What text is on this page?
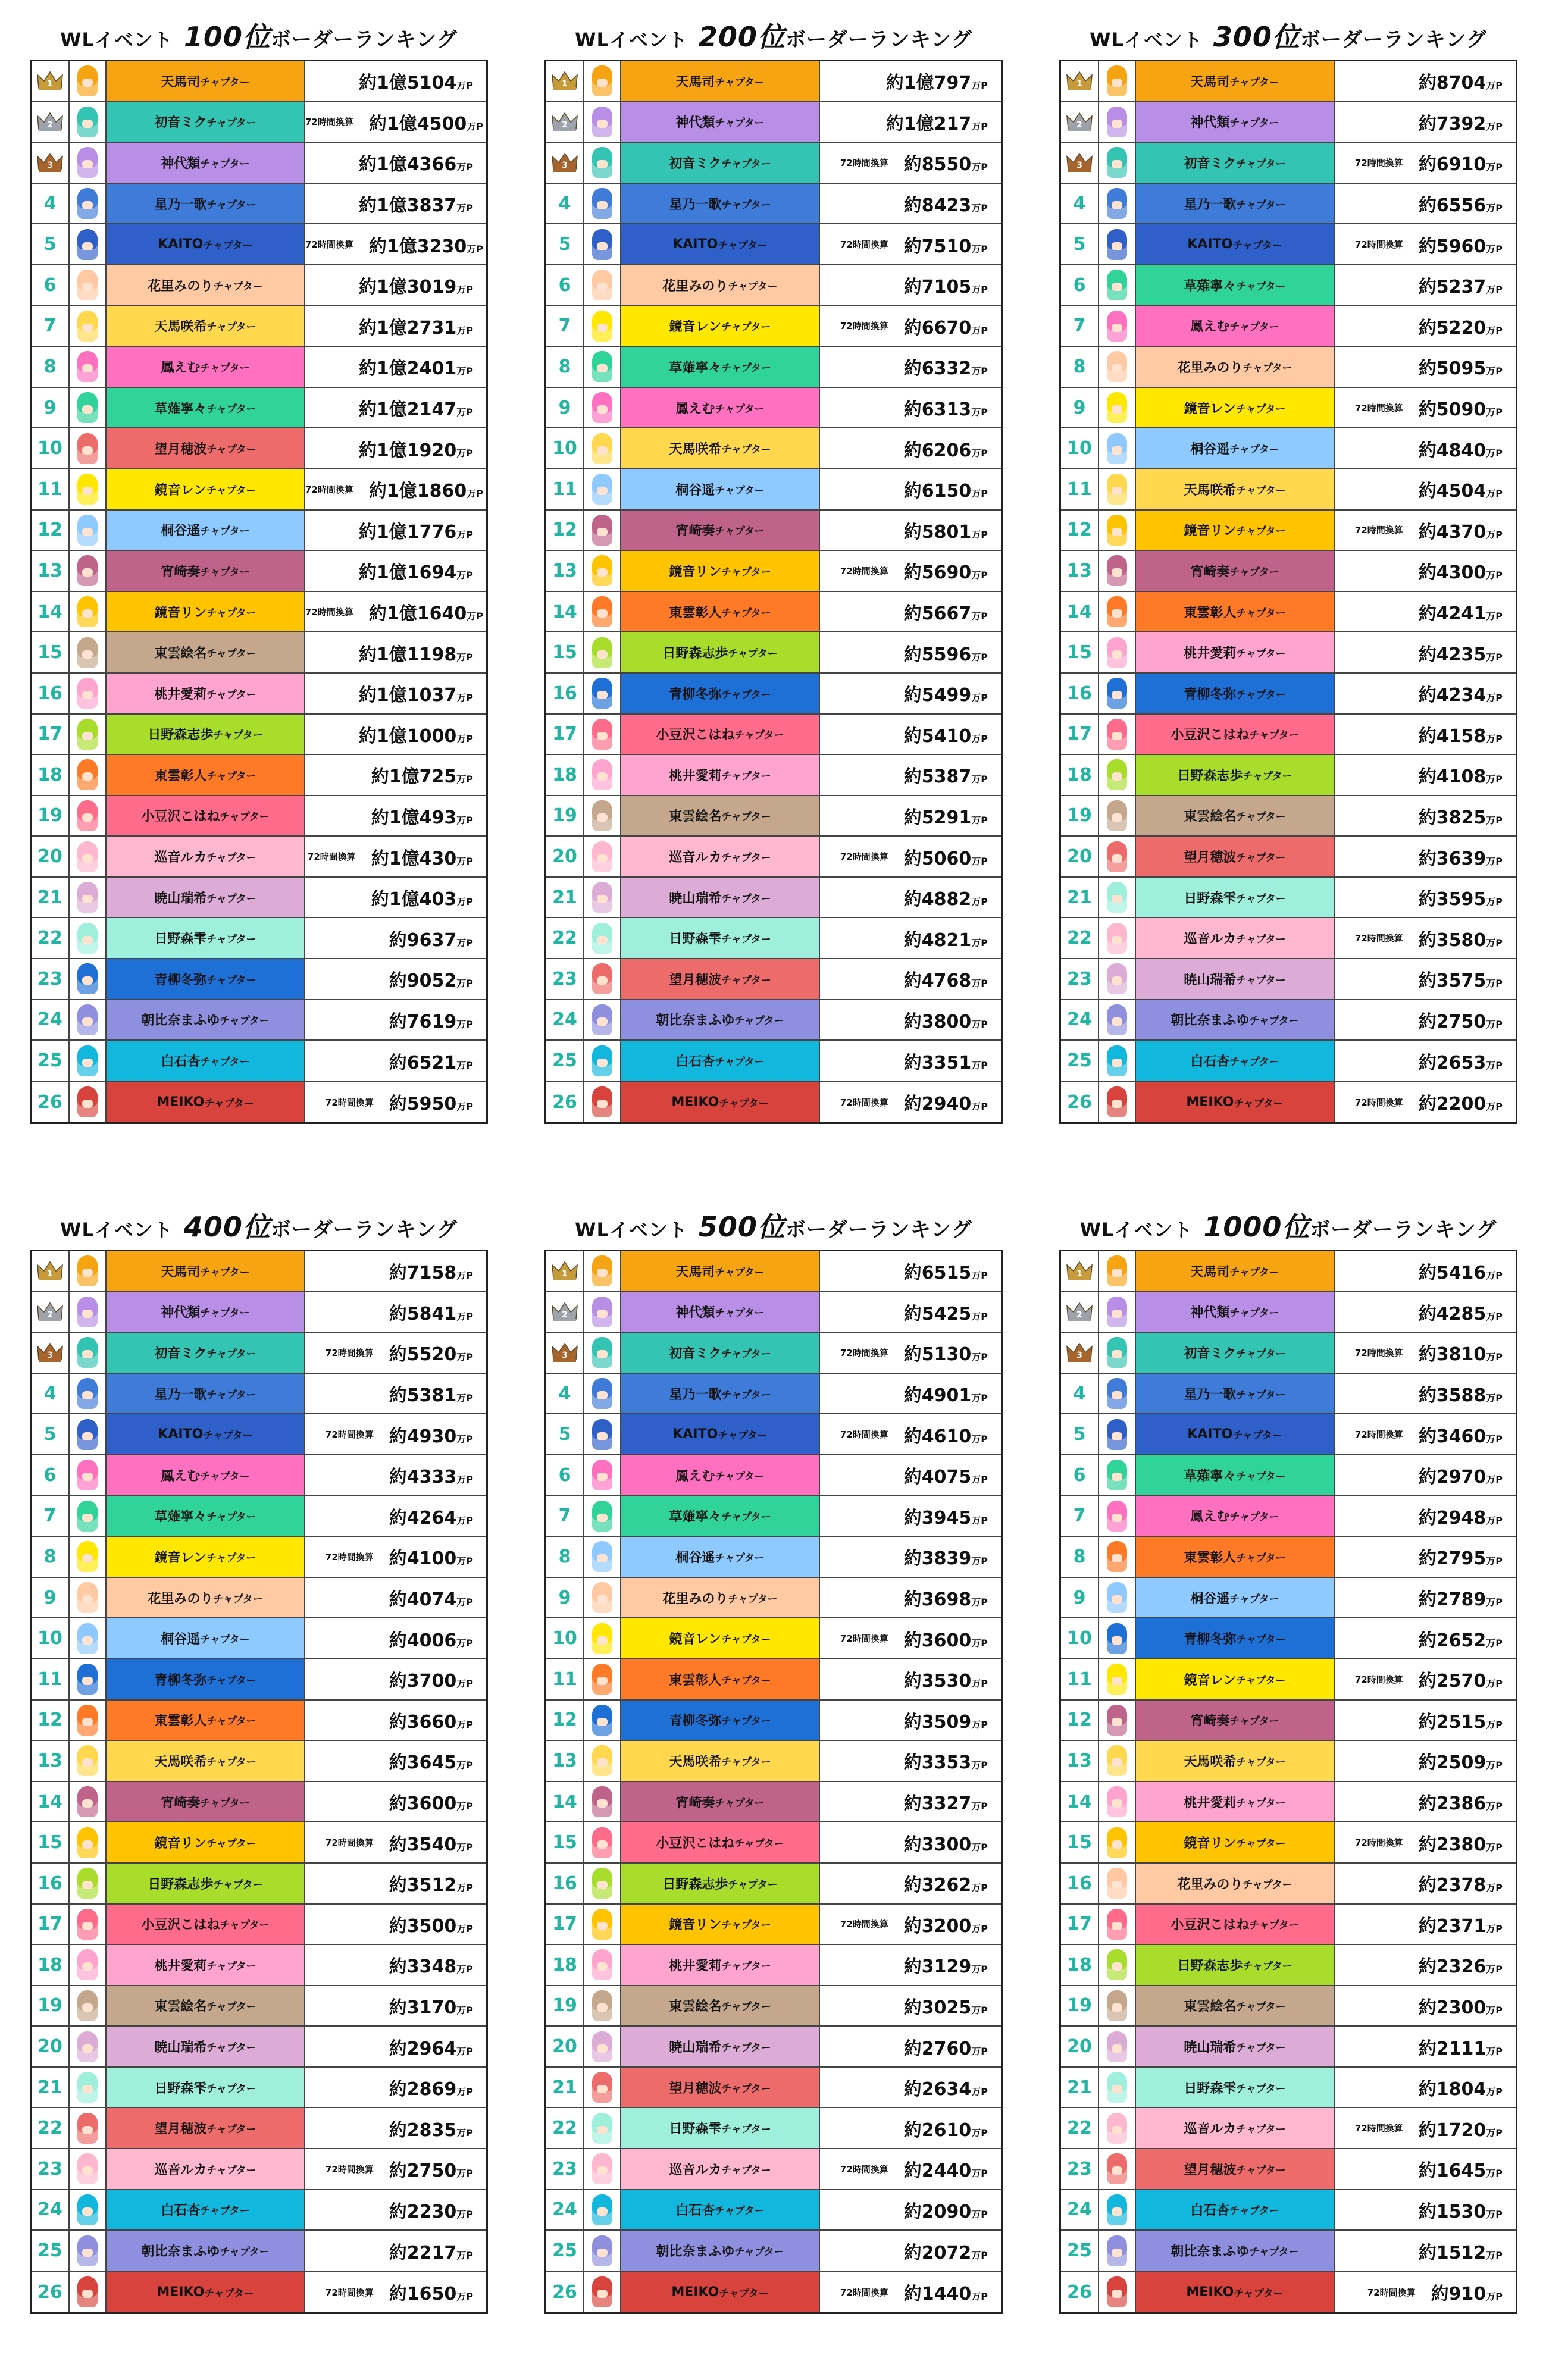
WLイベント 100位ボーダーランキング
1	天馬司 チャプター	約1億5104万P
2	初音ミク チャプター	72時間換算 約1億4500万P
3	神代類 チャプター	約1億4366万P
4	星乃一歌 チャプター	約1億3837万P
5	KAITO チャプター	72時間換算 約1億3230万P
6	花里みのり チャプター	約1億3019万P
7	天馬咲希 チャプター	約1億2731万P
8	鳳えむ チャプター	約1億2401万P
9	草薙寧々 チャプター	約1億2147万P
10	望月穂波 チャプター	約1億1920万P
11	鏡音レン チャプター	72時間換算 約1億1860万P
12	桐谷遥 チャプター	約1億1776万P
13	宵崎奏 チャプター	約1億1694万P
14	鏡音リン チャプター	72時間換算 約1億1640万P
15	東雲絵名 チャプター	約1億1198万P
16	桃井愛莉 チャプター	約1億1037万P
17	日野森志歩 チャプター	約1億1000万P
18	東雲彰人 チャプター	約1億725万P
19	小豆沢こはね チャプター	約1億493万P
20	巡音ルカ チャプター	72時間換算 約1億430万P
21	暁山瑞希 チャプター	約1億403万P
22	日野森雫 チャプター	約9637万P
23	青柳冬弥 チャプター	約9052万P
24	朝比奈まふゆ チャプター	約7619万P
25	白石杏 チャプター	約6521万P
26	MEIKO チャプター	72時間換算 約5950万P
WLイベント 200位ボーダーランキング
1	天馬司 チャプター	約1億797万P
2	神代類 チャプター	約1億217万P
3	初音ミク チャプター	72時間換算 約8550万P
4	星乃一歌 チャプター	約8423万P
5	KAITO チャプター	72時間換算 約7510万P
6	花里みのり チャプター	約7105万P
7	鏡音レン チャプター	72時間換算 約6670万P
8	草薙寧々 チャプター	約6332万P
9	鳳えむ チャプター	約6313万P
10	天馬咲希 チャプター	約6206万P
11	桐谷遥 チャプター	約6150万P
12	宵崎奏 チャプター	約5801万P
13	鏡音リン チャプター	72時間換算 約5690万P
14	東雲彰人 チャプター	約5667万P
15	日野森志歩 チャプター	約5596万P
16	青柳冬弥 チャプター	約5499万P
17	小豆沢こはね チャプター	約5410万P
18	桃井愛莉 チャプター	約5387万P
19	東雲絵名 チャプター	約5291万P
20	巡音ルカ チャプター	72時間換算 約5060万P
21	暁山瑞希 チャプター	約4882万P
22	日野森雫 チャプター	約4821万P
23	望月穂波 チャプター	約4768万P
24	朝比奈まふゆ チャプター	約3800万P
25	白石杏 チャプター	約3351万P
26	MEIKO チャプター	72時間換算 約2940万P
WLイベント 300位ボーダーランキング
1	天馬司 チャプター	約8704万P
2	神代類 チャプター	約7392万P
3	初音ミク チャプター	72時間換算 約6910万P
4	星乃一歌 チャプター	約6556万P
5	KAITO チャプター	72時間換算 約5960万P
6	草薙寧々 チャプター	約5237万P
7	鳳えむ チャプター	約5220万P
8	花里みのり チャプター	約5095万P
9	鏡音レン チャプター	72時間換算 約5090万P
10	桐谷遥 チャプター	約4840万P
11	天馬咲希 チャプター	約4504万P
12	鏡音リン チャプター	72時間換算 約4370万P
13	宵崎奏 チャプター	約4300万P
14	東雲彰人 チャプター	約4241万P
15	桃井愛莉 チャプター	約4235万P
16	青柳冬弥 チャプター	約4234万P
17	小豆沢こはね チャプター	約4158万P
18	日野森志歩 チャプター	約4108万P
19	東雲絵名 チャプター	約3825万P
20	望月穂波 チャプター	約3639万P
21	日野森雫 チャプター	約3595万P
22	巡音ルカ チャプター	72時間換算 約3580万P
23	暁山瑞希 チャプター	約3575万P
24	朝比奈まふゆ チャプター	約2750万P
25	白石杏 チャプター	約2653万P
26	MEIKO チャプター	72時間換算 約2200万P
WLイベント 400位ボーダーランキング
1	天馬司 チャプター	約7158万P
2	神代類 チャプター	約5841万P
3	初音ミク チャプター	72時間換算 約5520万P
4	星乃一歌 チャプター	約5381万P
5	KAITO チャプター	72時間換算 約4930万P
6	鳳えむ チャプター	約4333万P
7	草薙寧々 チャプター	約4264万P
8	鏡音レン チャプター	72時間換算 約4100万P
9	花里みのり チャプター	約4074万P
10	桐谷遥 チャプター	約4006万P
11	青柳冬弥 チャプター	約3700万P
12	東雲彰人 チャプター	約3660万P
13	天馬咲希 チャプター	約3645万P
14	宵崎奏 チャプター	約3600万P
15	鏡音リン チャプター	72時間換算 約3540万P
16	日野森志歩 チャプター	約3512万P
17	小豆沢こはね チャプター	約3500万P
18	桃井愛莉 チャプター	約3348万P
19	東雲絵名 チャプター	約3170万P
20	暁山瑞希 チャプター	約2964万P
21	日野森雫 チャプター	約2869万P
22	望月穂波 チャプター	約2835万P
23	巡音ルカ チャプター	72時間換算 約2750万P
24	白石杏 チャプター	約2230万P
25	朝比奈まふゆ チャプター	約2217万P
26	MEIKO チャプター	72時間換算 約1650万P
WLイベント 500位ボーダーランキング
1	天馬司 チャプター	約6515万P
2	神代類 チャプター	約5425万P
3	初音ミク チャプター	72時間換算 約5130万P
4	星乃一歌 チャプター	約4901万P
5	KAITO チャプター	72時間換算 約4610万P
6	鳳えむ チャプター	約4075万P
7	草薙寧々 チャプター	約3945万P
8	桐谷遥 チャプター	約3839万P
9	花里みのり チャプター	約3698万P
10	鏡音レン チャプター	72時間換算 約3600万P
11	東雲彰人 チャプター	約3530万P
12	青柳冬弥 チャプター	約3509万P
13	天馬咲希 チャプター	約3353万P
14	宵崎奏 チャプター	約3327万P
15	小豆沢こはね チャプター	約3300万P
16	日野森志歩 チャプター	約3262万P
17	鏡音リン チャプター	72時間換算 約3200万P
18	桃井愛莉 チャプター	約3129万P
19	東雲絵名 チャプター	約3025万P
20	暁山瑞希 チャプター	約2760万P
21	望月穂波 チャプター	約2634万P
22	日野森雫 チャプター	約2610万P
23	巡音ルカ チャプター	72時間換算 約2440万P
24	白石杏 チャプター	約2090万P
25	朝比奈まふゆ チャプター	約2072万P
26	MEIKO チャプター	72時間換算 約1440万P
WLイベント 1000位ボーダーランキング
1	天馬司 チャプター	約5416万P
2	神代類 チャプター	約4285万P
3	初音ミク チャプター	72時間換算 約3810万P
4	星乃一歌 チャプター	約3588万P
5	KAITO チャプター	72時間換算 約3460万P
6	草薙寧々 チャプター	約2970万P
7	鳳えむ チャプター	約2948万P
8	東雲彰人 チャプター	約2795万P
9	桐谷遥 チャプター	約2789万P
10	青柳冬弥 チャプター	約2652万P
11	鏡音レン チャプター	72時間換算 約2570万P
12	宵崎奏 チャプター	約2515万P
13	天馬咲希 チャプター	約2509万P
14	桃井愛莉 チャプター	約2386万P
15	鏡音リン チャプター	72時間換算 約2380万P
16	花里みのり チャプター	約2378万P
17	小豆沢こはね チャプター	約2371万P
18	日野森志歩 チャプター	約2326万P
19	東雲絵名 チャプター	約2300万P
20	暁山瑞希 チャプター	約2111万P
21	日野森雫 チャプター	約1804万P
22	巡音ルカ チャプター	72時間換算 約1720万P
23	望月穂波 チャプター	約1645万P
24	白石杏 チャプター	約1530万P
25	朝比奈まふゆ チャプター	約1512万P
26	MEIKO チャプター	72時間換算 約910万P
